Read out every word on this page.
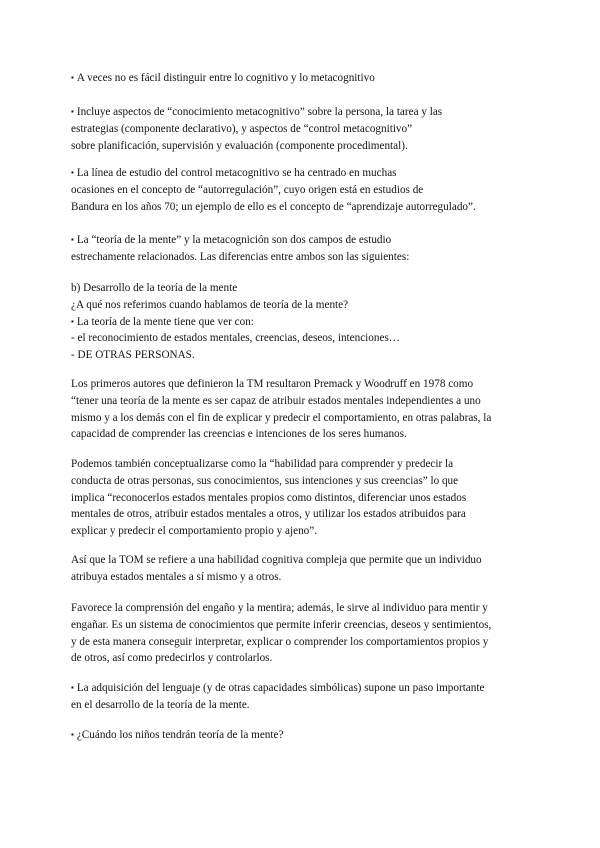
▪ A veces no es fácil distinguir entre lo cognitivo y lo metacognitivo

▪ Incluye aspectos de “conocimiento metacognitivo” sobre la persona, la tarea y las
estrategias (componente declarativo), y aspectos de “control metacognitivo”
sobre planificación, supervisión y evaluación (componente procedimental).

▪ La línea de estudio del control metacognitivo se ha centrado en muchas
ocasiones en el concepto de “autorregulación”, cuyo origen está en estudios de
Bandura en los años 70; un ejemplo de ello es el concepto de “aprendizaje autorregulado”.

▪ La “teoría de la mente” y la metacognición son dos campos de estudio
estrechamente relacionados. Las diferencias entre ambos son las siguientes:

b) Desarrollo de la teoría de la mente
¿A qué nos referimos cuando hablamos de teoría de la mente?
▪ La teoría de la mente tiene que ver con:
- el reconocimiento de estados mentales, creencias, deseos, intenciones…
- DE OTRAS PERSONAS.

Los primeros autores que definieron la TM resultaron Premack y Woodruff en 1978 como
“tener una teoría de la mente es ser capaz de atribuir estados mentales independientes a uno
mismo y a los demás con el fin de explicar y predecir el comportamiento, en otras palabras, la
capacidad de comprender las creencias e intenciones de los seres humanos.

Podemos también conceptualizarse como la “habilidad para comprender y predecir la
conducta de otras personas, sus conocimientos, sus intenciones y sus creencias” lo que
implica “reconocerlos estados mentales propios como distintos, diferenciar unos estados
mentales de otros, atribuir estados mentales a otros, y utilizar los estados atribuidos para
explicar y predecir el comportamiento propio y ajeno”.

Así que la TOM se refiere a una habilidad cognitiva compleja que permite que un individuo
atribuya estados mentales a sí mismo y a otros.

Favorece la comprensión del engaño y la mentira; además, le sirve al individuo para mentir y
engañar. Es un sistema de conocimientos que permite inferir creencias, deseos y sentimientos,
y de esta manera conseguir interpretar, explicar o comprender los comportamientos propios y
de otros, así como predecirlos y controlarlos.

▪ La adquisición del lenguaje (y de otras capacidades simbólicas) supone un paso importante
en el desarrollo de la teoría de la mente.

▪ ¿Cuándo los niños tendrán teoría de la mente?
